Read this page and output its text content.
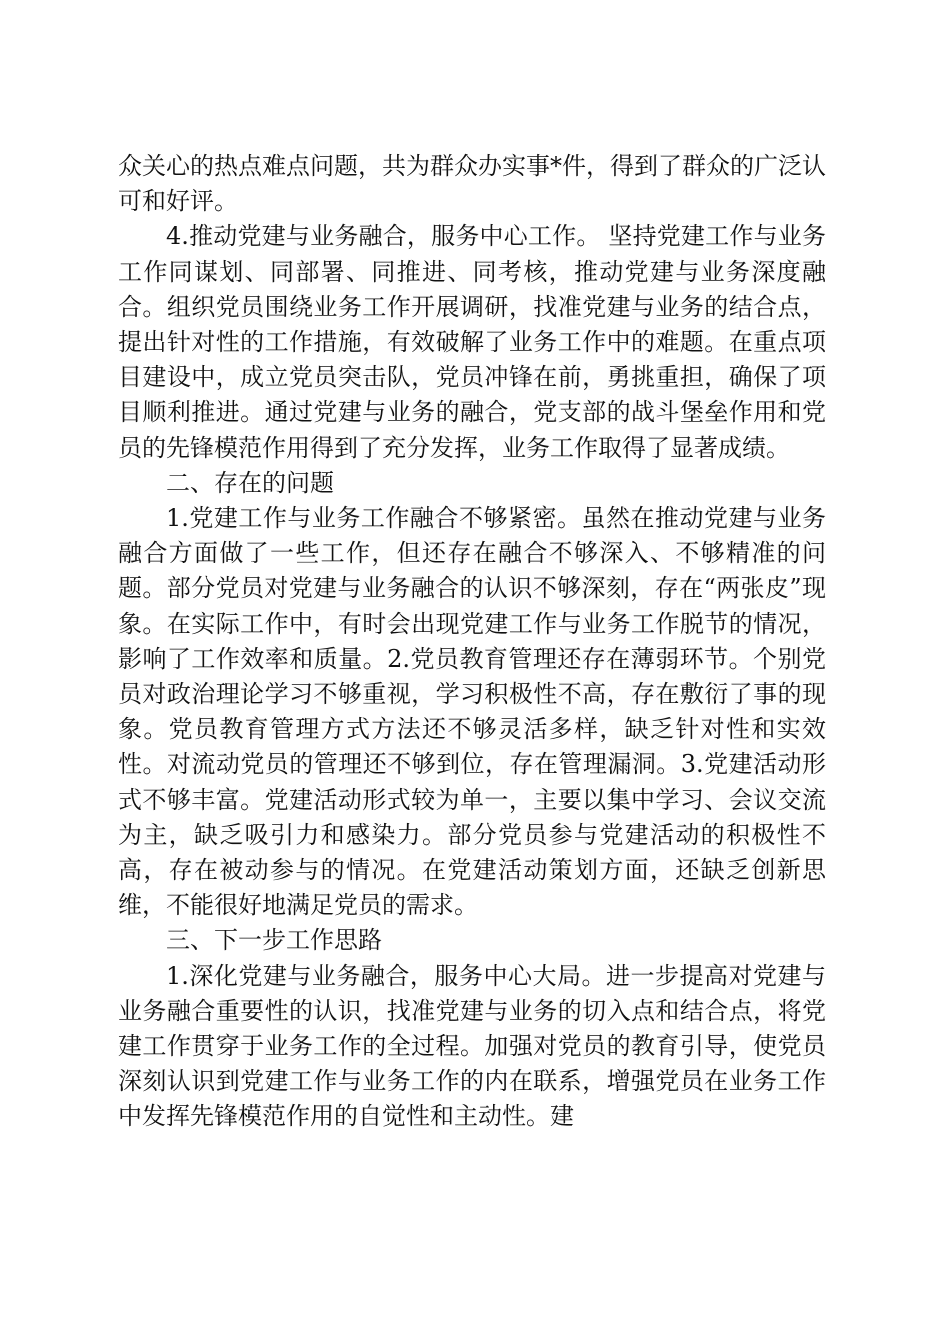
众关心的热点难点问题，共为群众办实事*件，得到了群众的广泛认可和好评。

4.推动党建与业务融合，服务中心工作。 坚持党建工作与业务工作同谋划、同部署、同推进、同考核，推动党建与业务深度融合。组织党员围绕业务工作开展调研，找准党建与业务的结合点，提出针对性的工作措施，有效破解了业务工作中的难题。在重点项目建设中，成立党员突击队，党员冲锋在前，勇挑重担，确保了项目顺利推进。通过党建与业务的融合，党支部的战斗堡垒作用和党员的先锋模范作用得到了充分发挥，业务工作取得了显著成绩。

二、存在的问题

1.党建工作与业务工作融合不够紧密。虽然在推动党建与业务融合方面做了一些工作，但还存在融合不够深入、不够精准的问题。部分党员对党建与业务融合的认识不够深刻，存在“两张皮”现象。在实际工作中，有时会出现党建工作与业务工作脱节的情况，影响了工作效率和质量。2.党员教育管理还存在薄弱环节。个别党员对政治理论学习不够重视，学习积极性不高，存在敷衍了事的现象。党员教育管理方式方法还不够灵活多样，缺乏针对性和实效性。对流动党员的管理还不够到位，存在管理漏洞。3.党建活动形式不够丰富。党建活动形式较为单一，主要以集中学习、会议交流为主，缺乏吸引力和感染力。部分党员参与党建活动的积极性不高，存在被动参与的情况。在党建活动策划方面，还缺乏创新思维，不能很好地满足党员的需求。

三、下一步工作思路

1.深化党建与业务融合，服务中心大局。进一步提高对党建与业务融合重要性的认识，找准党建与业务的切入点和结合点，将党建工作贯穿于业务工作的全过程。加强对党员的教育引导，使党员深刻认识到党建工作与业务工作的内在联系，增强党员在业务工作中发挥先锋模范作用的自觉性和主动性。建
